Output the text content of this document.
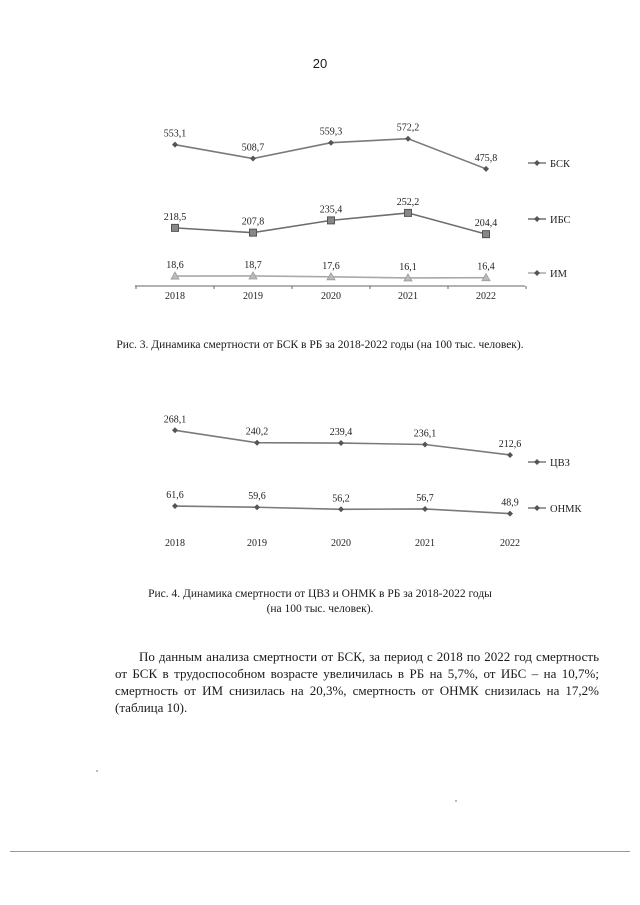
20
2018	2019	2020	2021	2022
553,1
508,7
559,3	572,2
475,8
БСК
218,5	207,8
235,4
252,2
204,4	ИБС
18,6	18,7	17,6	16,1	16,4
ИМ
Рис. 3. Динамика смертности от БСК в РБ за 2018-2022 годы (на 100 тыс. человек).
2018	2019	2020	2021	2022
268,1
240,2	239,4	236,1
212,6
ЦВЗ
61,6	59,6	56,2	56,7	48,9
ОНМК
Рис. 4. Динамика смертности от ЦВЗ и ОНМК в РБ за 2018-2022 годы
(на 100 тыс. человек).
По данным анализа смертности от БСК, за период с 2018 по 2022 год смертность от БСК в трудоспособном возрасте увеличилась в РБ на 5,7%, от ИБС – на 10,7%; смертность от ИМ снизилась на 20,3%, смертность от ОНМК снизилась на 17,2% (таблица 10).
